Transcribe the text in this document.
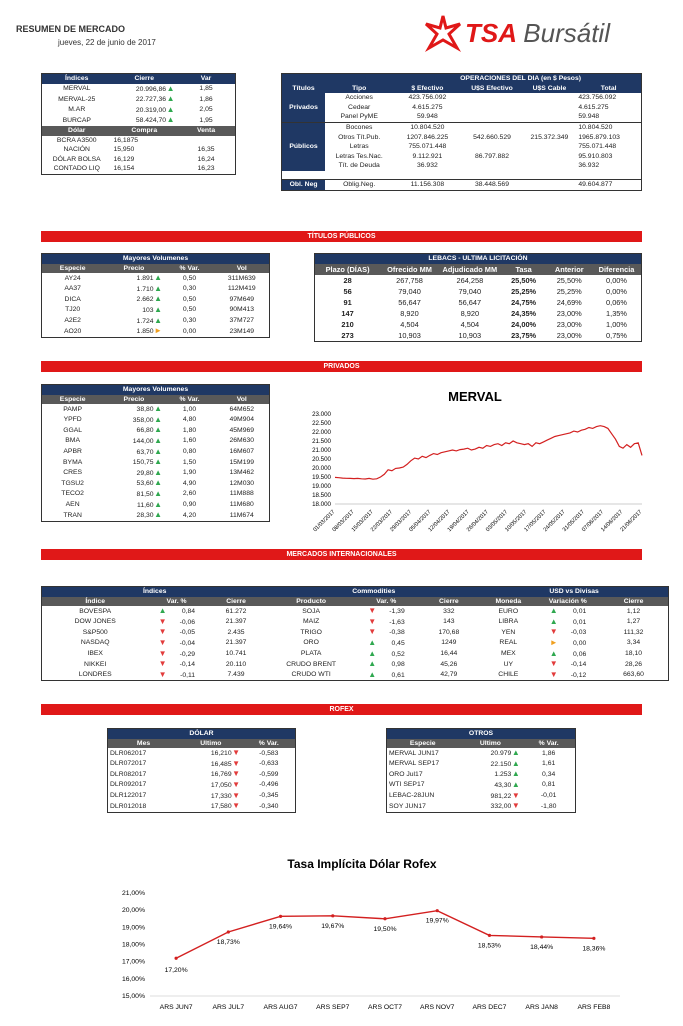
RESUMEN DE MERCADO
jueves, 22 de junio de 2017	TSA Bursátil
Índices	Cierre	Var
MERVAL	20.996,86▲	1,85
MERVAL-25	22.727,36▲	1,86
M.AR	20.319,00▲	2,05
BURCAP	58.424,70▲	1,95
Dólar	Compra	Venta
BCRA A3500	16,1875	
NACIÓN	15,950	16,35
DÓLAR BOLSA	16,129	16,24
CONTADO LIQ	16,154	16,23
OPERACIONES DEL DIA (en $ Pesos)					
Títulos	Tipo	$ Efectivo	U$S Efectivo	U$S Cable	Total
Privados	Acciones	423.756.092			423.756.092
	Cedear	4.615.275			4.615.275
	Panel PyME	59.948			59.948
Públicos	Bocones	10.804.520			10.804.520
	Otros Tít.Pub.	1207.846.225	542.660.529	215.372.349	1965.879.103
	Letras	755.071.448			755.071.448
	Letras Tes.Nac.	9.112.921	86.797.882		95.910.803
	Tít. de Deuda	36.932			36.932

Obl. Neg	Oblig.Neg.	11.156.308	38.448.569		49.604.877
TÍTULOS PÚBLICOS
Mayores Volumenes			
Especie	Precio	% Var.	Vol
AY24	1.891▲	0,50	311M639
AA37	1.710▲	0,30	112M419
DICA	2.662▲	0,50	97M649
TJ20	103▲	0,50	90M413
A2E2	1.724▲	0,30	37M727
AO20	1.850►	0,00	23M149
LEBACS - ULTIMA LICITACIÓN					
Plazo (DÍAS)	Ofrecido MM	Adjudicado MM	Tasa	Anterior	Diferencia
28	267,758	264,258	25,50%	25,50%	0,00%
56	79,040	79,040	25,25%	25,25%	0,00%
91	56,647	56,647	24,75%	24,69%	0,06%
147	8,920	8,920	24,35%	23,00%	1,35%
210	4,504	4,504	24,00%	23,00%	1,00%
273	10,903	10,903	23,75%	23,00%	0,75%
PRIVADOS
Mayores Volumenes			
Especie	Precio	% Var.	Vol
PAMP	38,80▲	1,00	64M652
YPFD	358,00▲	4,80	49M904
GGAL	66,80▲	1,80	45M969
BMA	144,00▲	1,60	26M630
APBR	63,70▲	0,80	16M607
BYMA	150,75▲	1,50	15M199
CRES	29,80▲	1,90	13M462
TGSU2	53,60▲	4,90	12M030
TECO2	81,50▲	2,60	11M888
AEN	11,60▲	0,90	11M680
TRAN	28,30▲	4,20	11M674
MERVAL
23.000
22.500
22.000
21.500
21.000
20.500
20.000
19.500
19.000
18.500
18.000
01/03/2017
08/03/2017
15/03/2017
22/03/2017
29/03/2017
05/04/2017
12/04/2017
19/04/2017
26/04/2017
03/05/2017
10/05/2017
17/05/2017
24/05/2017
31/05/2017
07/06/2017
14/06/2017
21/06/2017
MERCADOS INTERNACIONALES
Índices			Commodities			USD vs Divisas		
Índice	Var. %	Cierre	Producto	Var. %	Cierre	Moneda	Variación %	Cierre
BOVESPA	▲ 0,84	61.272	SOJA	▼ -1,39	332	EURO	▲ 0,01	1,12
DOW JONES	▼ -0,06	21.397	MAIZ	▼ -1,63	143	LIBRA	▲ 0,01	1,27
S&P500	▼ -0,05	2.435	TRIGO	▼ -0,38	170,68	YEN	▼ -0,03	111,32
NASDAQ	▼ -0,04	21.397	ORO	▲ 0,45	1249	REAL	► 0,00	3,34
IBEX	▼ -0,29	10.741	PLATA	▲ 0,52	16,44	MEX	▲ 0,06	18,10
NIKKEI	▼ -0,14	20.110	CRUDO BRENT	▲ 0,98	45,26	UY	▼ -0,14	28,26
LONDRES	▼ -0,11	7.439	CRUDO WTI	▲ 0,61	42,79	CHILE	▼ -0,12	663,60
ROFEX
DÓLAR		
Mes	Ultimo	% Var.
DLR062017	16,210▼	-0,583
DLR072017	16,485▼	-0,633
DLR082017	16,769▼	-0,599
DLR092017	17,050▼	-0,496
DLR122017	17,330▼	-0,345
DLR012018	17,580▼	-0,340
OTROS		
Especie	Ultimo	% Var.
MERVAL JUN17	20.979▲	1,86
MERVAL SEP17	22.150▲	1,61
ORO Jul17	1.253▲	0,34
WTI SEP17	43,30▲	0,81
LEBAC-28JUN	981,22▼	-0,01
SOY JUN17	332,00▼	-1,80
Tasa Implícita Dólar Rofex
21,00%
20,00%
19,00%
18,00%
17,00%
16,00%
15,00%
ARS JUN7	ARS JUL7	ARS AUG7	ARS SEP7	ARS OCT7	ARS NOV7	ARS DEC7	ARS JAN8	ARS FEB8
17,20%
18,73%
19,64%	19,67%	19,50%
19,97%
18,53%	18,44%	18,36%
